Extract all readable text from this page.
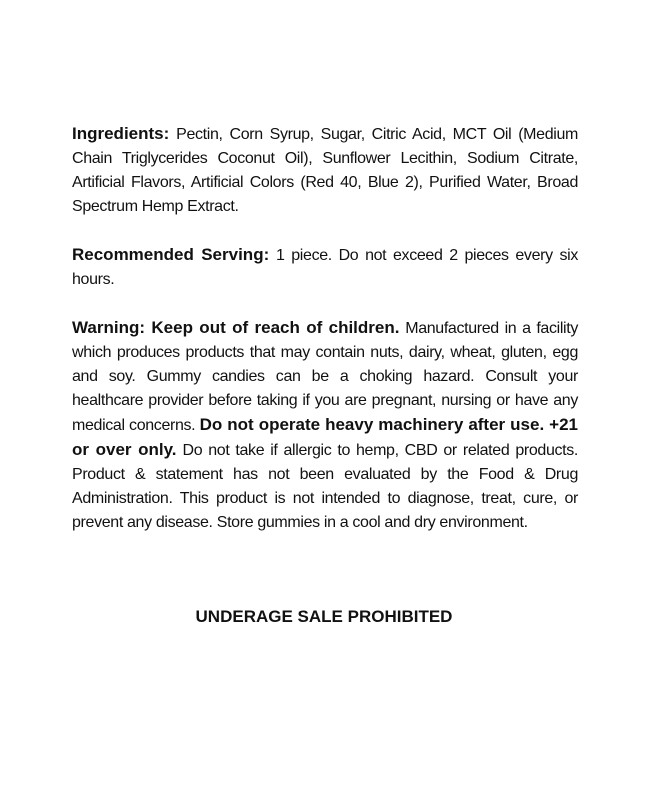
Ingredients: Pectin, Corn Syrup, Sugar, Citric Acid, MCT Oil (Medium Chain Triglycerides Coconut Oil), Sunflower Lecithin, Sodium Citrate, Artificial Flavors, Artificial Colors (Red 40, Blue 2), Purified Water, Broad Spectrum Hemp Extract.

Recommended Serving: 1 piece. Do not exceed 2 pieces every six hours.

Warning: Keep out of reach of children. Manufactured in a facility which produces products that may contain nuts, dairy, wheat, gluten, egg and soy. Gummy candies can be a choking hazard. Consult your healthcare provider before taking if you are pregnant, nursing or have any medical concerns. Do not operate heavy machinery after use. +21 or over only. Do not take if allergic to hemp, CBD or related products. Product & statement has not been evaluated by the Food & Drug Administration. This product is not intended to diagnose, treat, cure, or prevent any disease. Store gummies in a cool and dry environment.

UNDERAGE SALE PROHIBITED
